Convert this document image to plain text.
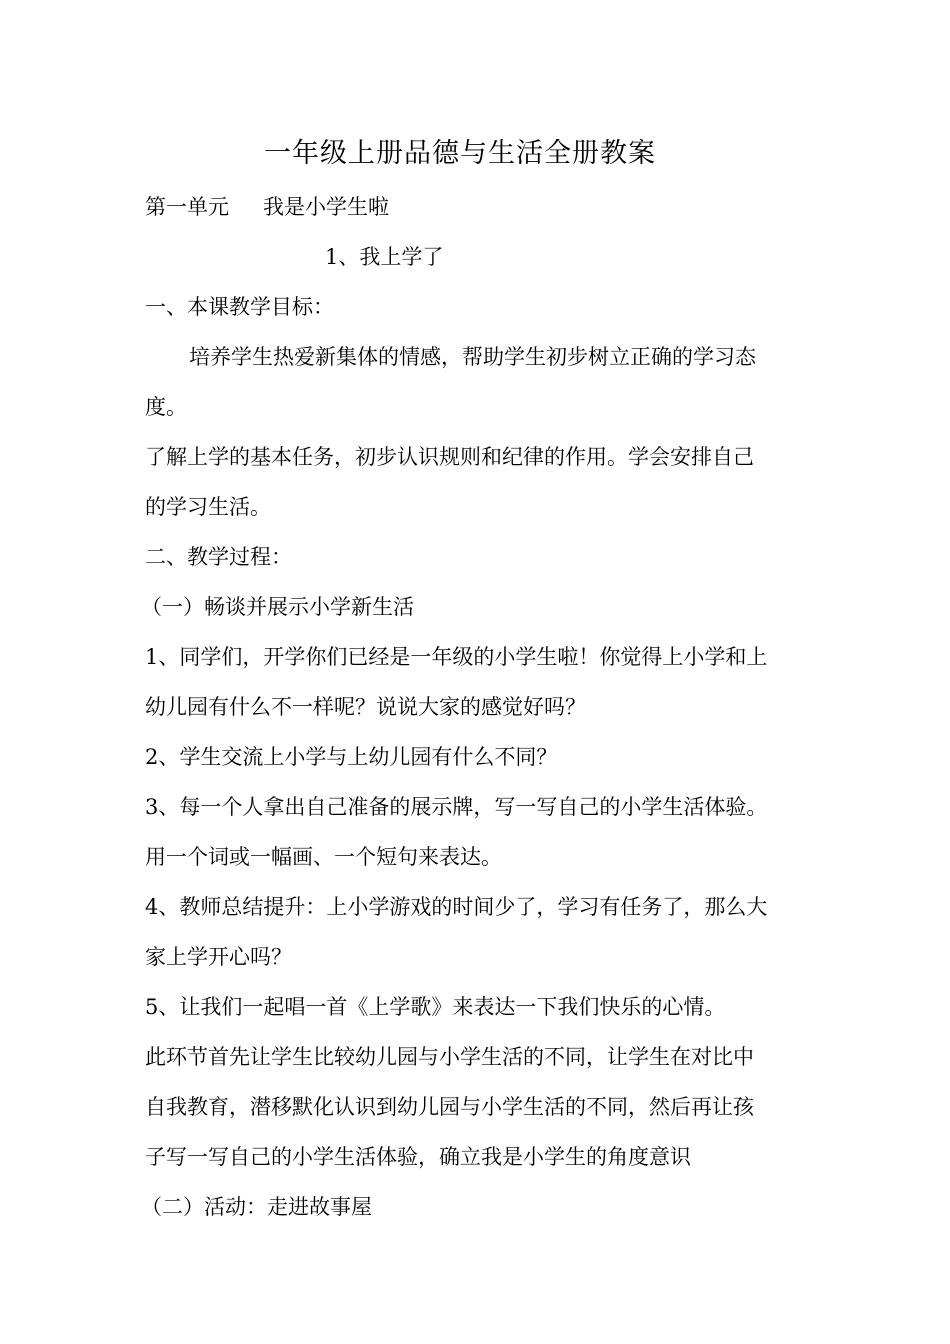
一年级上册品德与生活全册教案

第一单元 我是小学生啦

1、我上学了

一、本课教学目标：

培养学生热爱新集体的情感，帮助学生初步树立正确的学习态

度。

了解上学的基本任务，初步认识规则和纪律的作用。学会安排自己

的学习生活。

二、教学过程：

（一）畅谈并展示小学新生活

1、同学们，开学你们已经是一年级的小学生啦！你觉得上小学和上

幼儿园有什么不一样呢？说说大家的感觉好吗？

2、学生交流上小学与上幼儿园有什么不同？

3、每一个人拿出自己准备的展示牌，写一写自己的小学生活体验。

用一个词或一幅画、一个短句来表达。

4、教师总结提升：上小学游戏的时间少了，学习有任务了，那么大

家上学开心吗？

5、让我们一起唱一首《上学歌》来表达一下我们快乐的心情。

此环节首先让学生比较幼儿园与小学生活的不同，让学生在对比中

自我教育，潜移默化认识到幼儿园与小学生活的不同，然后再让孩

子写一写自己的小学生活体验，确立我是小学生的角度意识

（二）活动：走进故事屋
